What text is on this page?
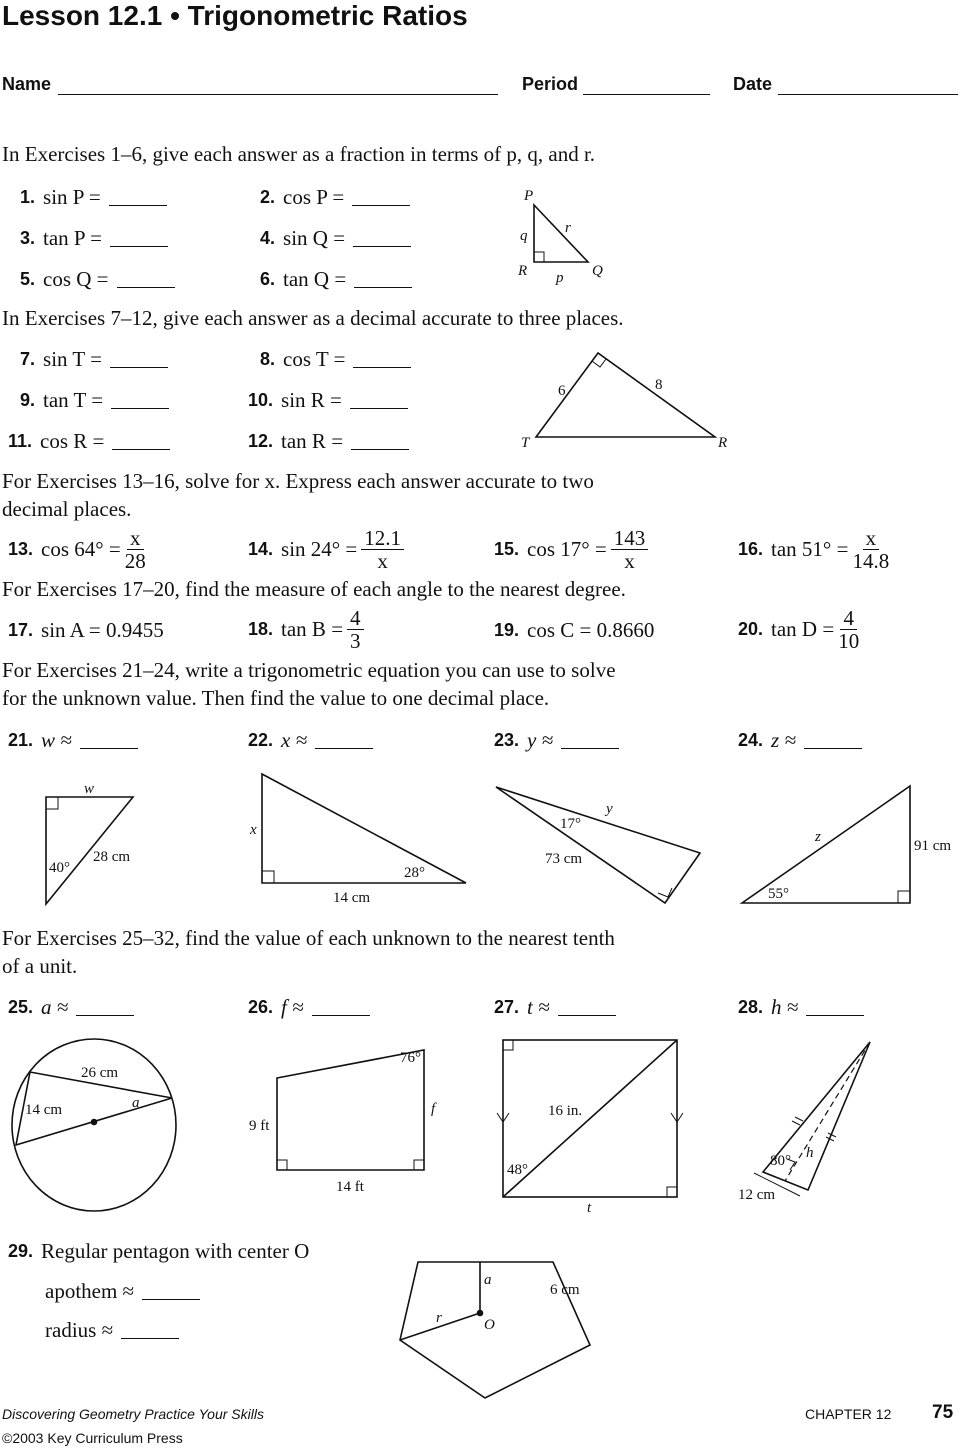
Lesson 12.1 • Trigonometric Ratios
Name	Period	Date
In Exercises 1–6, give each answer as a fraction in terms of p, q, and r.
1. sin P =	2. cos P =
3. tan P =	4. sin Q =
5. cos Q =	6. tan Q =
In Exercises 7–12, give each answer as a decimal accurate to three places.
7. sin T =	8. cos T =
9. tan T =	10. sin R =
11. cos R =	12. tan R =
For Exercises 13–16, solve for x. Express each answer accurate to two
decimal places.
13. $\cos 64^\circ = \frac{x}{28}$	14. $\sin 24^\circ = \frac{12.1}{x}$	15. $\cos 17^\circ = \frac{143}{x}$	16. $\tan 51^\circ = \frac{x}{14.8}$
For Exercises 17–20, find the measure of each angle to the nearest degree.
17. sin A = 0.9455	18. $\tan B = \frac{4}{3}$	19. cos C = 0.8660	20. $\tan D = \frac{4}{10}$
For Exercises 21–24, write a trigonometric equation you can use to solve
for the unknown value. Then find the value to one decimal place.
21. w ≈	22. x ≈	23. y ≈	24. z ≈
For Exercises 25–32, find the value of each unknown to the nearest tenth
of a unit.
25. a ≈	26. f ≈	27. t ≈	28. h ≈
29. Regular pentagon with center O
apothem ≈
radius ≈
P
q	r
R p Q
6	8
T	R
w
28 cm
40°
x
28°
14 cm
y
17°
73 cm
z
91 cm
55°
26 cm
14 cm	a
76°
f
9 ft
14 ft
16 in.
48°
t
80° h
12 cm
a
6 cm
r	O
Discovering Geometry Practice Your Skills	CHAPTER 12 75
©2003 Key Curriculum Press
